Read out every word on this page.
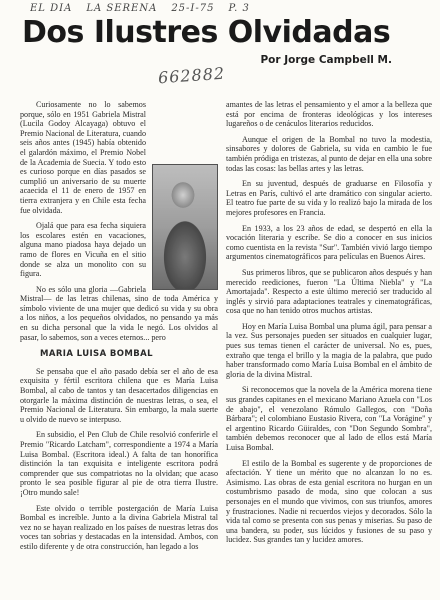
EL DIA LA SERENA 25-I-75 P. 3
Dos Ilustres Olvidadas
Por Jorge Campbell M.
662882

Curiosamente no lo sabemos porque, sólo en 1951 Gabriela Mistral (Lucila Godoy Alcayaga) obtuvo el Premio Nacional de Literatura, cuando seis años antes (1945) había obtenido el galardón máximo, el Premio Nobel de la Academia de Suecia. Y todo esto es curioso porque en días pasados se cumplió un aniversario de su muerte acaecida el 11 de enero de 1957 en tierra extranjera y en Chile esta fecha fue olvidada.

Ojalá que para esa fecha siquiera los escolares estén en vacaciones, alguna mano piadosa haya dejado un ramo de flores en Vicuña en el sitio donde se alza un monolito con su figura.

No es sólo una gloria —Gabriela Mistral— de las letras chilenas, sino de toda América y símbolo viviente de una mujer que dedicó su vida y su obra a los niños, a los pequeños olvidados, no pensando ya más en su dicha personal que la vida le negó. Los olvidos al pasar, lo sabemos, son a veces eternos... pero

MARIA LUISA BOMBAL

Se pensaba que el año pasado debía ser el año de esa exquisita y fértil escritora chilena que es María Luisa Bombal, al cabo de tantos y tan desacertados diligencias en otorgarle la máxima distinción de nuestras letras, o sea, el Premio Nacional de Literatura. Sin embargo, la mala suerte u olvido de nuevo se interpuso.

En subsidio, el Pen Club de Chile resolvió conferirle el Premio "Ricardo Latcham", correspondiente a 1974 a María Luisa Bombal. (Escritora ideal.) A falta de tan honorífica distinción la tan exquisita e inteligente escritora podrá comprender que sus compatriotas no la olvidan; que acaso pronto le sea posible figurar al pie de otra tierra Ilustre. ¡Otro mundo sale!

Este olvido o terrible postergación de María Luisa Bombal es increíble. Junto a la divina Gabriela Mistral tal vez no se hayan realizado en los países de nuestras letras dos voces tan sobrias y destacadas en la intensidad. Ambos, con estilo diferente y de otra construcción, han legado a los

amantes de las letras el pensamiento y el amor a la belleza que está por encima de fronteras ideológicas y los intereses lugareños o de cenáculos literarios reducidos.

Aunque el origen de la Bombal no tuvo la modestia, sinsabores y dolores de Gabriela, su vida en cambio le fue también pródiga en tristezas, al punto de dejar en ella una sobre todas las cosas: las bellas artes y las letras.

En su juventud, después de graduarse en Filosofía y Letras en París, cultivó el arte dramático con singular acierto. El teatro fue parte de su vida y lo realizó bajo la mirada de los mejores profesores en Francia.

En 1933, a los 23 años de edad, se despertó en ella la vocación literaria y escribe. Se dio a conocer en sus inicios como cuentista en la revista "Sur". También vivió largo tiempo argumentos cinematográficos para películas en Buenos Aires.

Sus primeros libros, que se publicaron años después y han merecido reediciones, fueron "La Última Niebla" y "La Amortajada". Respecto a este último mereció ser traducido al inglés y sirvió para adaptaciones teatrales y cinematográficas, cosa que no han tenido otros muchos artistas.

Hoy en María Luisa Bombal una pluma ágil, para pensar a la vez. Sus personajes pueden ser situados en cualquier lugar, pues sus temas tienen el carácter de universal. No es, pues, extraño que tenga el brillo y la magia de la palabra, que pudo haber transformado como María Luisa Bombal en el ámbito de gloria de la divina Mistral.

Si reconocemos que la novela de la América morena tiene sus grandes capitanes en el mexicano Mariano Azuela con "Los de abajo", el venezolano Rómulo Gallegos, con "Doña Bárbara"; el colombiano Eustasio Rivera, con "La Vorágine" y el argentino Ricardo Güiraldes, con "Don Segundo Sombra", también debemos reconocer que al lado de ellos está María Luisa Bombal.

El estilo de la Bombal es sugerente y de proporciones de afectación. Y tiene un mérito que no alcanzan lo no es. Asimismo. Las obras de esta genial escritora no hurgan en un costumbrismo pasado de moda, sino que colocan a sus personajes en el mundo que vivimos, con sus triunfos, amores y frustraciones. Nadie ni recuerdos viejos y decorados. Sólo la vida tal como se presenta con sus penas y miserias. Su paso de una bandera, su poder, sus lúcidos y fusiones de su paso y lucidez. Sus grandes tan y lucidez amores.
